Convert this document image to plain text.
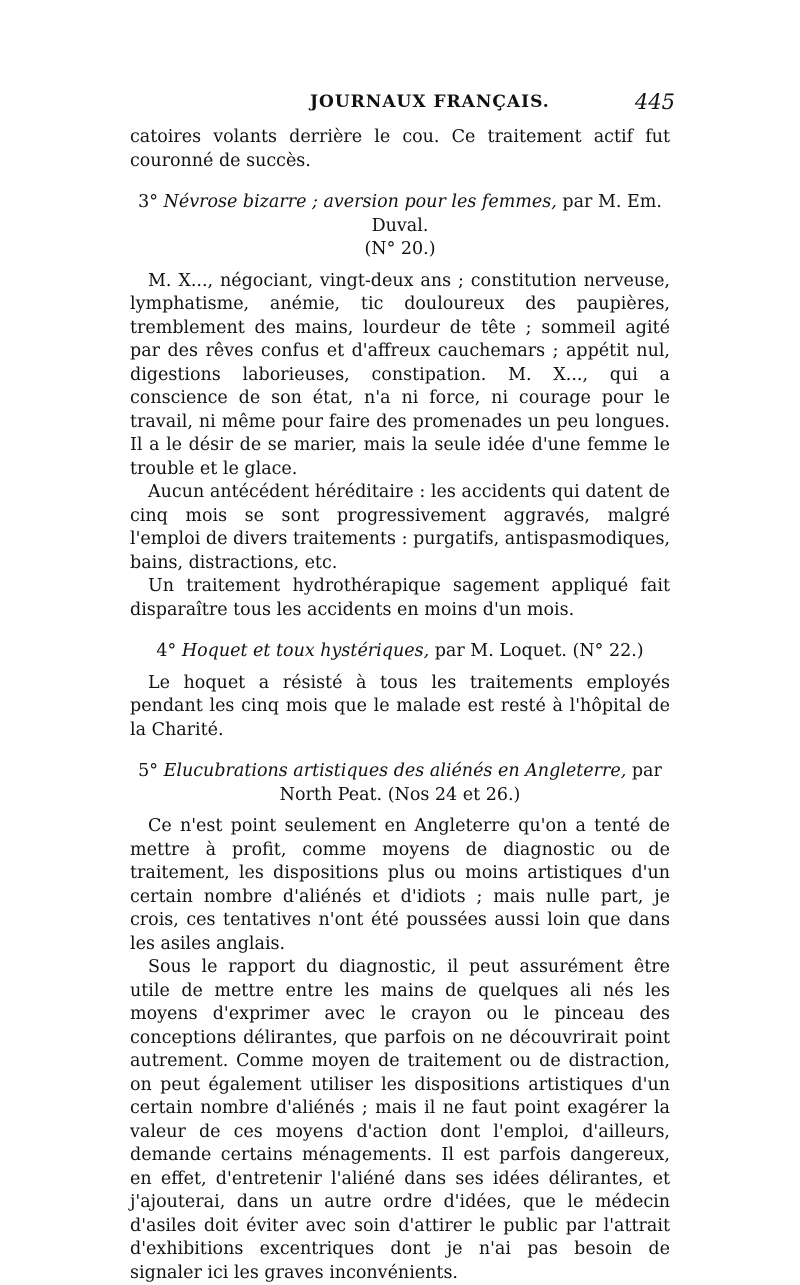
JOURNAUX FRANÇAIS.	445

catoires volants derrière le cou. Ce traitement actif fut couronné de succès.

3° Névrose bizarre ; aversion pour les femmes, par M. Em. Duval.
(N° 20.)

M. X..., négociant, vingt-deux ans ; constitution nerveuse, lymphatisme, anémie, tic douloureux des paupières, tremblement des mains, lourdeur de tête ; sommeil agité par des rêves confus et d'affreux cauchemars ; appétit nul, digestions laborieuses, constipation. M. X..., qui a conscience de son état, n'a ni force, ni courage pour le travail, ni même pour faire des promenades un peu longues. Il a le désir de se marier, mais la seule idée d'une femme le trouble et le glace.

Aucun antécédent héréditaire : les accidents qui datent de cinq mois se sont progressivement aggravés, malgré l'emploi de divers traitements : purgatifs, antispasmodiques, bains, distractions, etc.

Un traitement hydrothérapique sagement appliqué fait disparaître tous les accidents en moins d'un mois.

4° Hoquet et toux hystériques, par M. Loquet. (N° 22.)

Le hoquet a résisté à tous les traitements employés pendant les cinq mois que le malade est resté à l'hôpital de la Charité.

5° Elucubrations artistiques des aliénés en Angleterre, par North Peat. (Nos 24 et 26.)

Ce n'est point seulement en Angleterre qu'on a tenté de mettre à profit, comme moyens de diagnostic ou de traitement, les dispositions plus ou moins artistiques d'un certain nombre d'aliénés et d'idiots ; mais nulle part, je crois, ces tentatives n'ont été poussées aussi loin que dans les asiles anglais.

Sous le rapport du diagnostic, il peut assurément être utile de mettre entre les mains de quelques ali nés les moyens d'exprimer avec le crayon ou le pinceau des conceptions délirantes, que parfois on ne découvrirait point autrement. Comme moyen de traitement ou de distraction, on peut également utiliser les dispositions artistiques d'un certain nombre d'aliénés ; mais il ne faut point exagérer la valeur de ces moyens d'action dont l'emploi, d'ailleurs, demande certains ménagements. Il est parfois dangereux, en effet, d'entretenir l'aliéné dans ses idées délirantes, et j'ajouterai, dans un autre ordre d'idées, que le médecin d'asiles doit éviter avec soin d'attirer le public par l'attrait d'exhibitions excentriques dont je n'ai pas besoin de signaler ici les graves inconvénients.
